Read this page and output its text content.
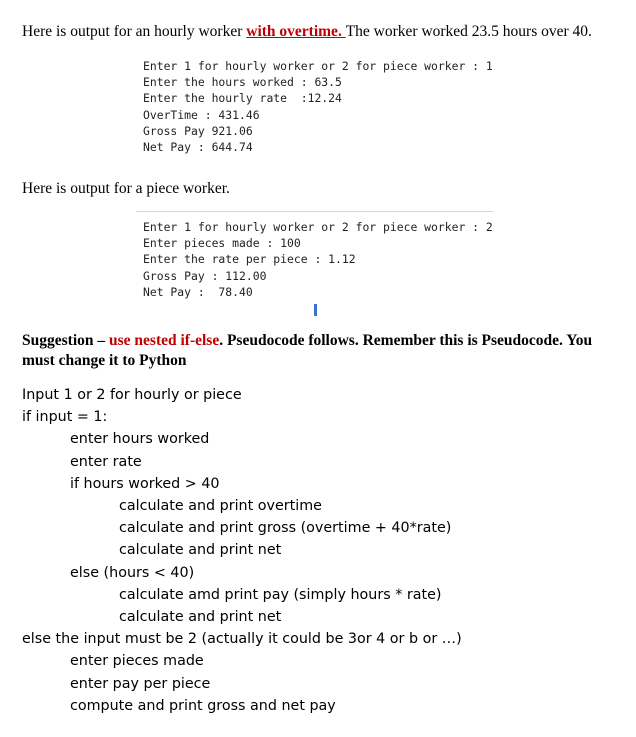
Here is output for an hourly worker with overtime. The worker worked 23.5 hours over 40.
Enter 1 for hourly worker or 2 for piece worker : 1
Enter the hours worked : 63.5
Enter the hourly rate  :12.24
OverTime : 431.46
Gross Pay 921.06
Net Pay : 644.74
Here is output for a piece worker.
Enter 1 for hourly worker or 2 for piece worker : 2
Enter pieces made : 100
Enter the rate per piece : 1.12
Gross Pay : 112.00
Net Pay :  78.40
Suggestion – use nested if-else. Pseudocode follows. Remember this is Pseudocode. You must change it to Python
Input 1 or 2 for hourly or piece
if input = 1:
enter hours worked
enter rate
if hours worked > 40
calculate and print overtime
calculate and print gross (overtime + 40*rate)
calculate and print net
else (hours < 40)
calculate amd print pay (simply hours * rate)
calculate and print net
else the input must be 2 (actually it could be 3or 4 or b or …)
enter pieces made
enter pay per piece
compute and print gross and net pay
